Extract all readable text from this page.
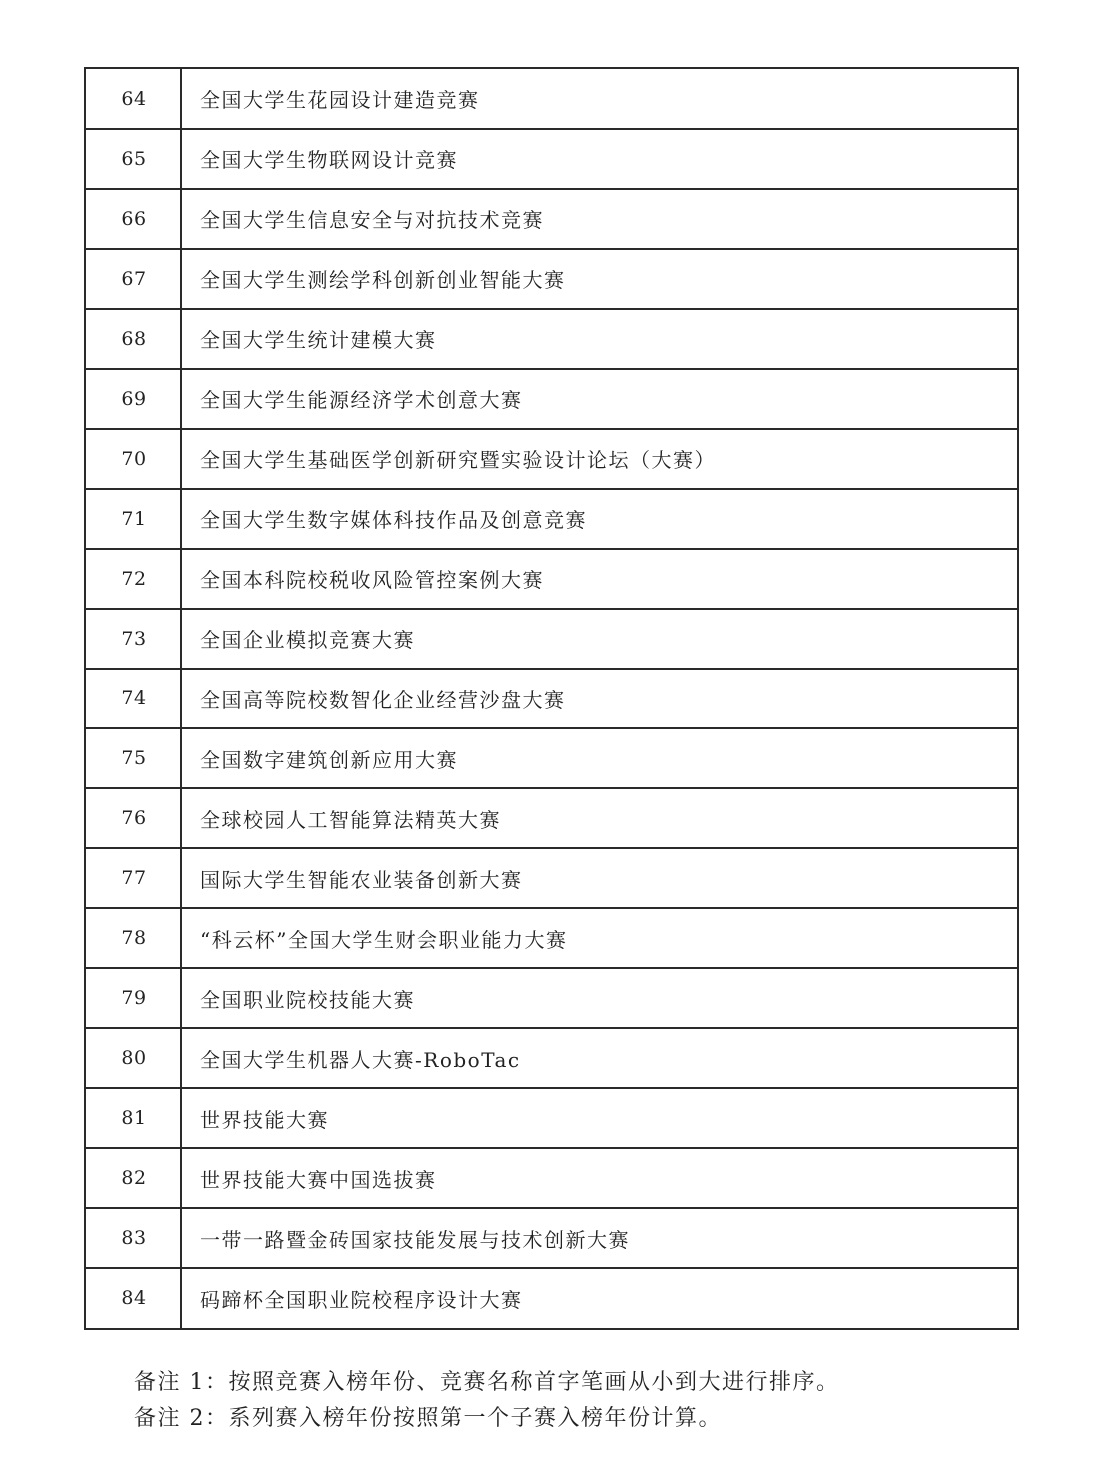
64	全国大学生花园设计建造竞赛
65	全国大学生物联网设计竞赛
66	全国大学生信息安全与对抗技术竞赛
67	全国大学生测绘学科创新创业智能大赛
68	全国大学生统计建模大赛
69	全国大学生能源经济学术创意大赛
70	全国大学生基础医学创新研究暨实验设计论坛（大赛）
71	全国大学生数字媒体科技作品及创意竞赛
72	全国本科院校税收风险管控案例大赛
73	全国企业模拟竞赛大赛
74	全国高等院校数智化企业经营沙盘大赛
75	全国数字建筑创新应用大赛
76	全球校园人工智能算法精英大赛
77	国际大学生智能农业装备创新大赛
78	“科云杯”全国大学生财会职业能力大赛
79	全国职业院校技能大赛
80	全国大学生机器人大赛-RoboTac
81	世界技能大赛
82	世界技能大赛中国选拔赛
83	一带一路暨金砖国家技能发展与技术创新大赛
84	码蹄杯全国职业院校程序设计大赛
备注 1：按照竞赛入榜年份、竞赛名称首字笔画从小到大进行排序。
备注 2：系列赛入榜年份按照第一个子赛入榜年份计算。
